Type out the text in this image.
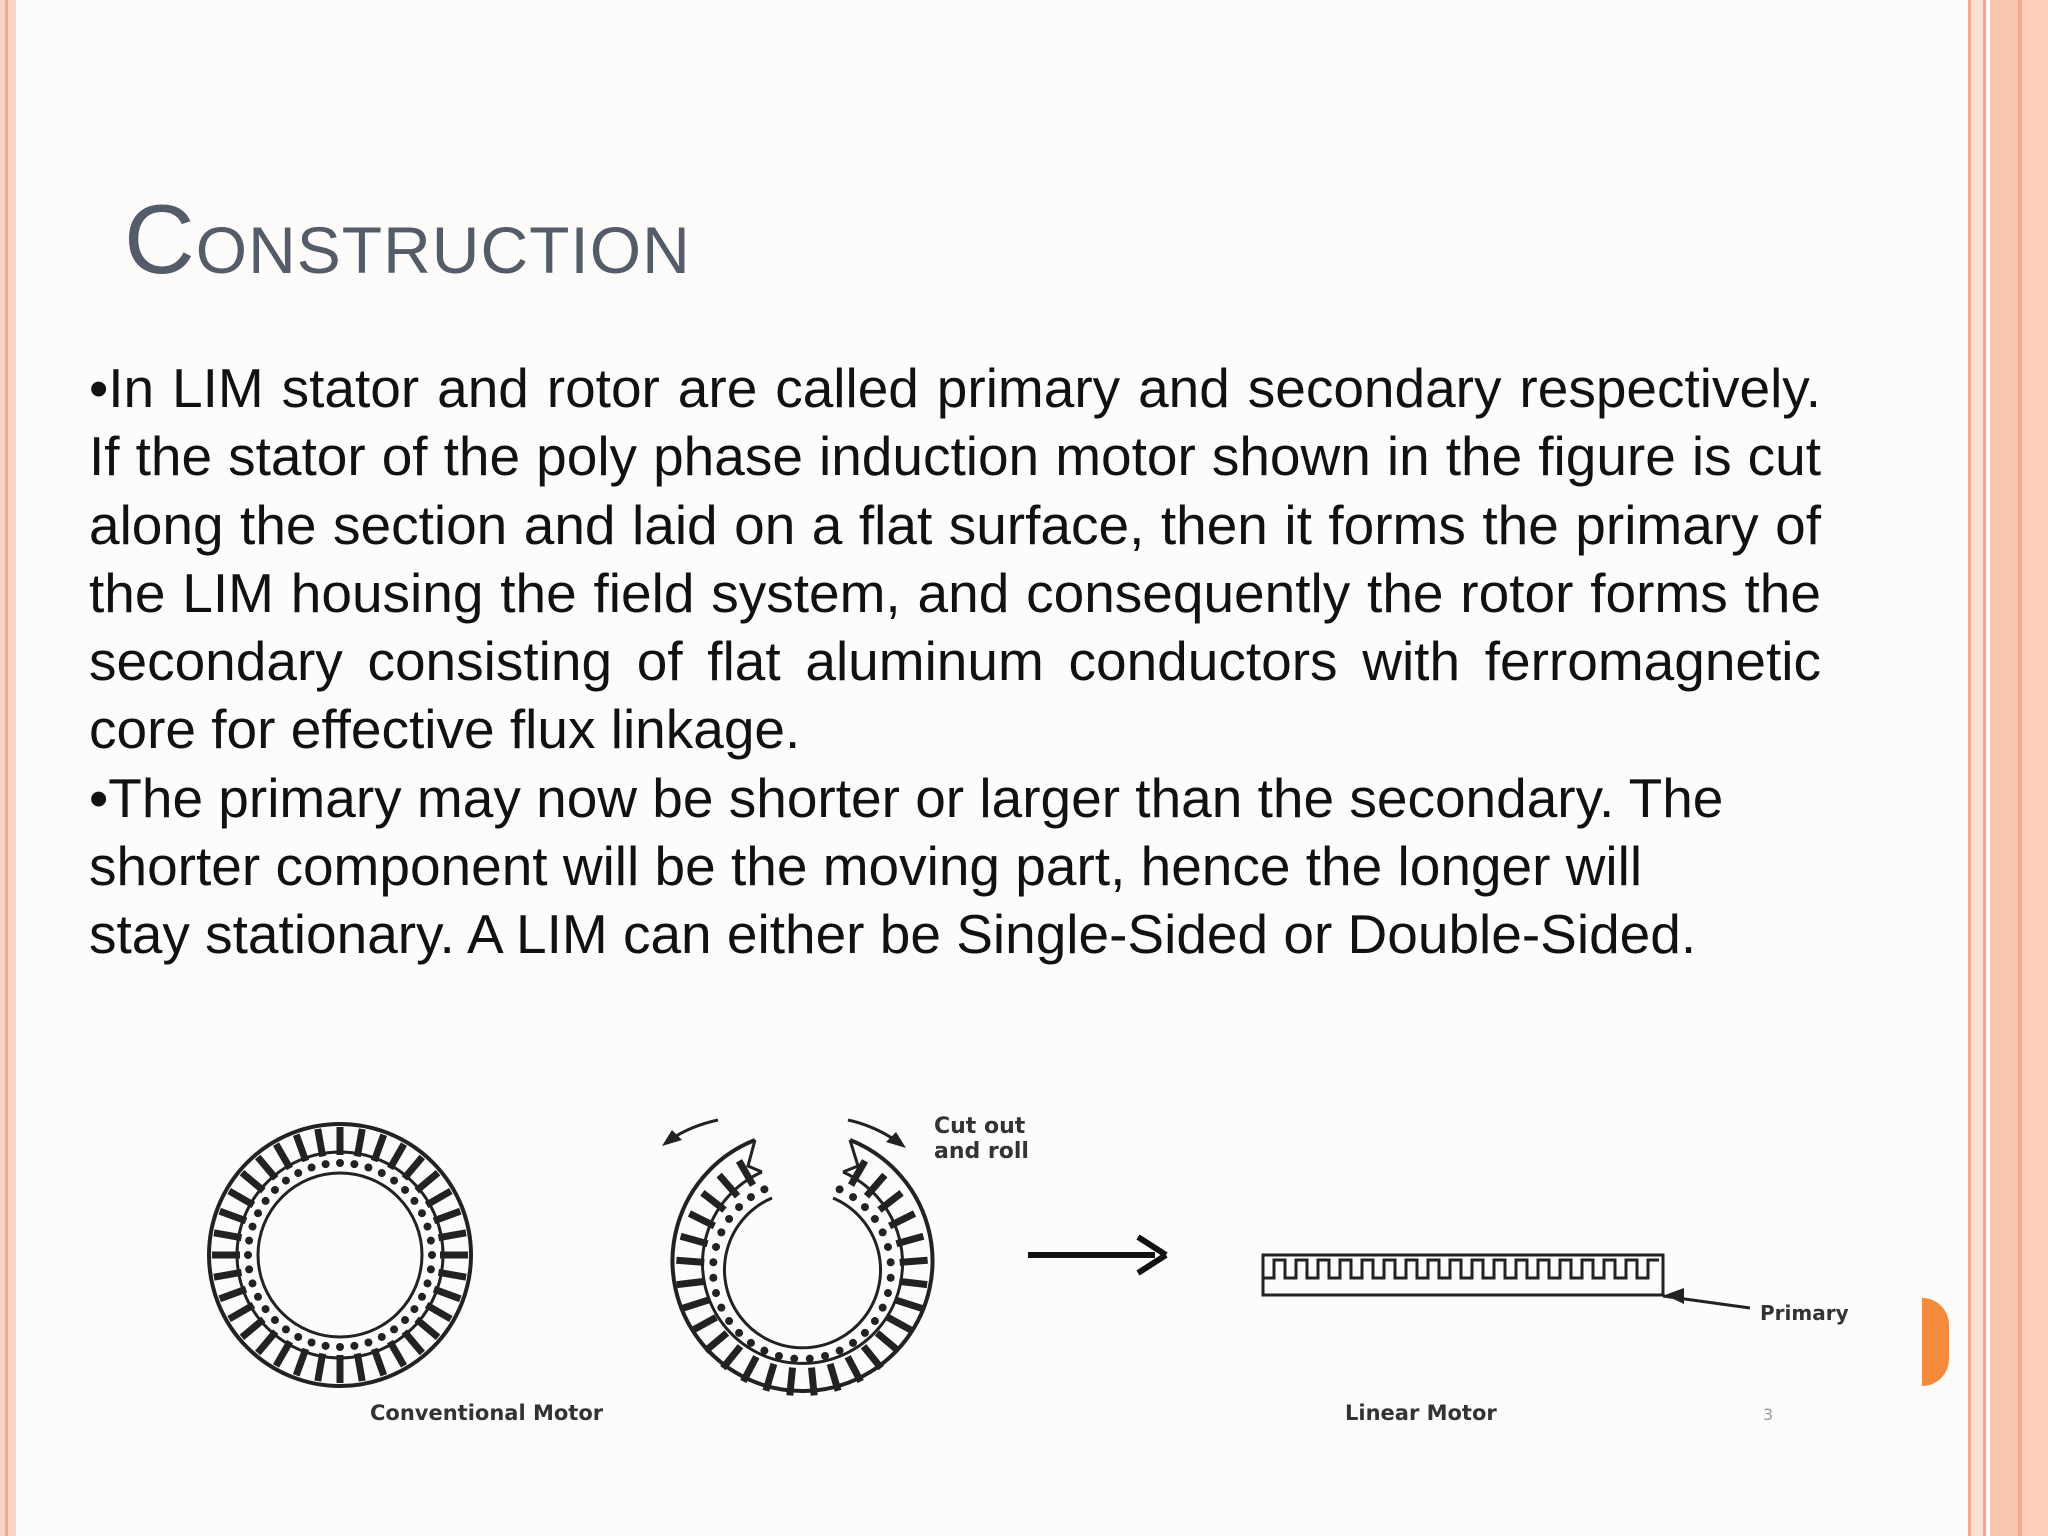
CONSTRUCTION

•In LIM stator and rotor are called primary and secondary respectively. If the stator of the poly phase induction motor shown in the figure is cut along the section and laid on a flat surface, then it forms the primary of the LIM housing the field system, and consequently the rotor forms the secondary consisting of flat aluminum conductors with ferromagnetic core for effective flux linkage.

•The primary may now be shorter or larger than the secondary. The shorter component will be the moving part, hence the longer will stay stationary. A LIM can either be Single-Sided or Double-Sided.

Cut out
and roll
Primary
Conventional Motor	Linear Motor	3
